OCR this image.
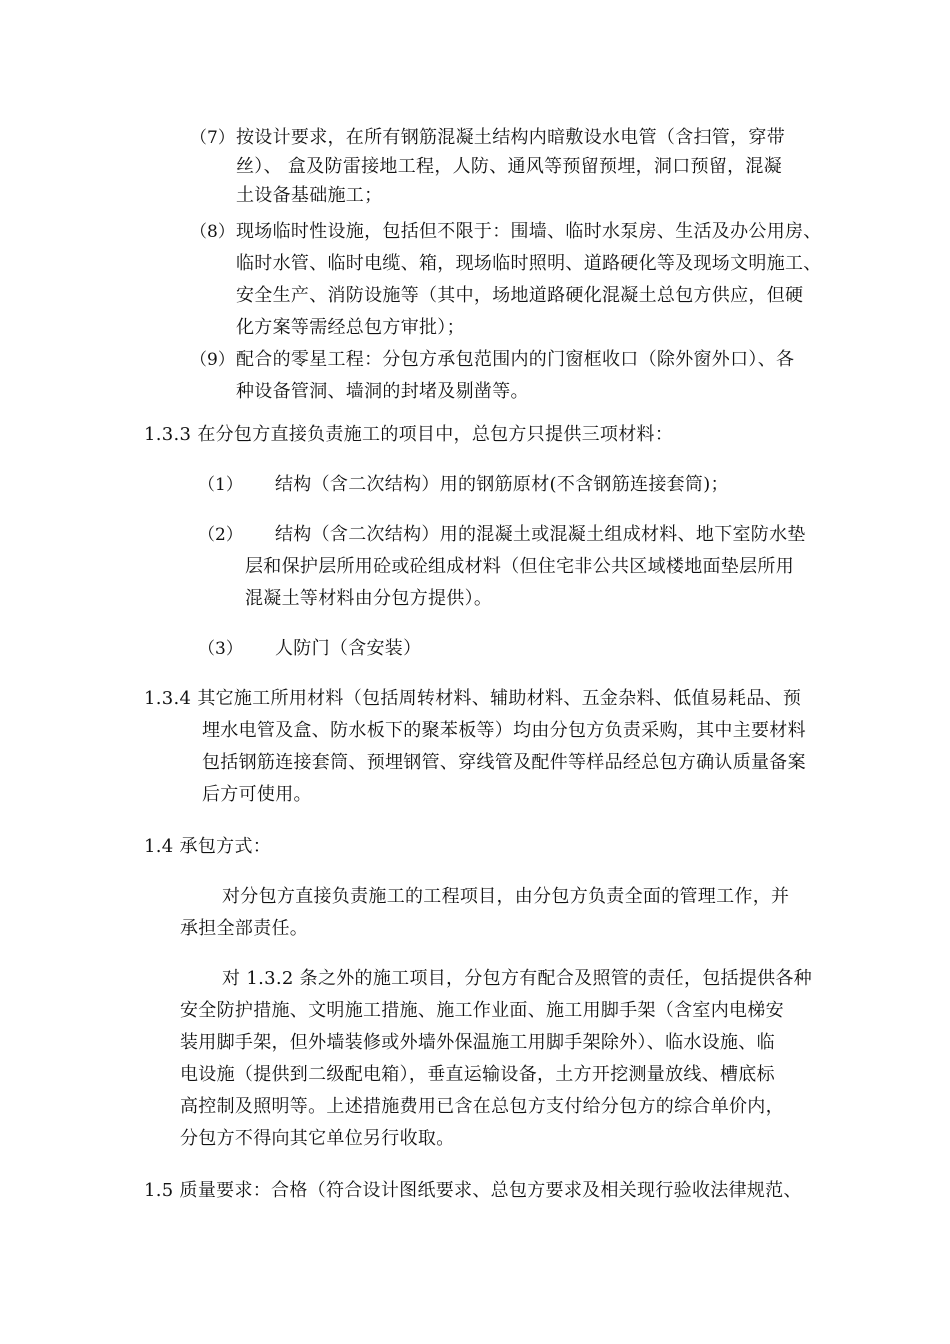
（7） 按设计要求，在所有钢筋混凝土结构内暗敷设水电管（含扫管，穿带
丝）、 盒及防雷接地工程，人防、通风等预留预埋，洞口预留，混凝
土设备基础施工；
（8） 现场临时性设施，包括但不限于：围墙、临时水泵房、生活及办公用房、
临时水管、临时电缆、箱，现场临时照明、道路硬化等及现场文明施工、
安全生产、消防设施等（其中，场地道路硬化混凝土总包方供应，但硬
化方案等需经总包方审批）；
（9） 配合的零星工程：分包方承包范围内的门窗框收口（除外窗外口）、各
种设备管洞、墙洞的封堵及剔凿等。
1.3.3 在分包方直接负责施工的项目中，总包方只提供三项材料：
（1） 结构（含二次结构）用的钢筋原材(不含钢筋连接套筒)；
（2） 结构（含二次结构）用的混凝土或混凝土组成材料、地下室防水垫
层和保护层所用砼或砼组成材料（但住宅非公共区域楼地面垫层所用
混凝土等材料由分包方提供）。
（3） 人防门（含安装）
1.3.4 其它施工所用材料（包括周转材料、辅助材料、五金杂料、低值易耗品、预
埋水电管及盒、防水板下的聚苯板等）均由分包方负责采购，其中主要材料
包括钢筋连接套筒、预埋钢管、穿线管及配件等样品经总包方确认质量备案
后方可使用。
1.4 承包方式：
对分包方直接负责施工的工程项目，由分包方负责全面的管理工作，并
承担全部责任。
对 1.3.2 条之外的施工项目，分包方有配合及照管的责任，包括提供各种
安全防护措施、文明施工措施、施工作业面、施工用脚手架（含室内电梯安
装用脚手架，但外墙装修或外墙外保温施工用脚手架除外）、临水设施、临
电设施（提供到二级配电箱），垂直运输设备，土方开挖测量放线、槽底标
高控制及照明等。上述措施费用已含在总包方支付给分包方的综合单价内，
分包方不得向其它单位另行收取。
1.5 质量要求：合格（符合设计图纸要求、总包方要求及相关现行验收法律规范、
